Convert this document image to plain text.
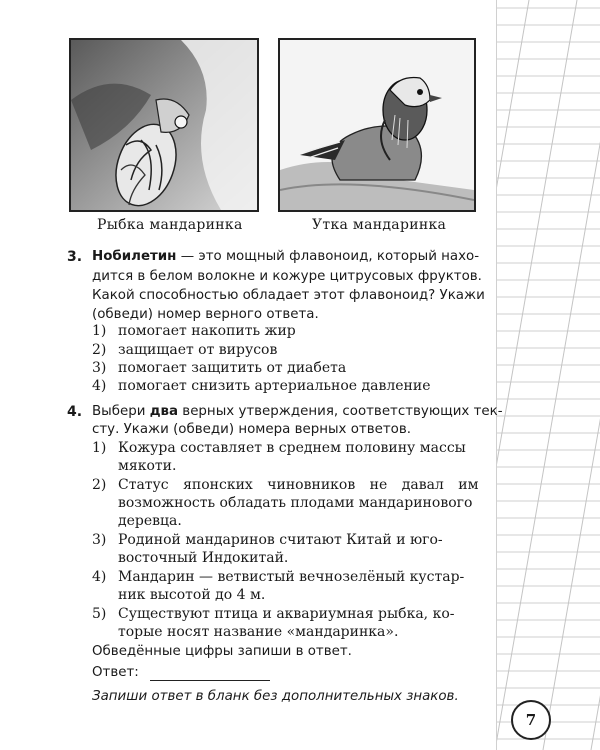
Рыбка мандаринка	Утка мандаринка
3. Нобилетин — это мощный флавоноид, который нахо-
дится в белом волокне и кожуре цитрусовых фруктов.
Какой способностью обладает этот флавоноид? Укажи
(обведи) номер верного ответа.
1) помогает накопить жир
2) защищает от вирусов
3) помогает защитить от диабета
4) помогает снизить артериальное давление
4. Выбери два верных утверждения, соответствующих тек-
сту. Укажи (обведи) номера верных ответов.
1) Кожура составляет в среднем половину массы
мякоти.
2) Статус японских чиновников не давал им
возможность обладать плодами мандаринового
деревца.
3) Родиной мандаринов считают Китай и юго-
восточный Индокитай.
4) Мандарин — ветвистый вечнозелёный кустар-
ник высотой до 4 м.
5) Существуют птица и аквариумная рыбка, ко-
торые носят название «мандаринка».
Обведённые цифры запиши в ответ.
Ответ:
Запиши ответ в бланк без дополнительных знаков.
7
